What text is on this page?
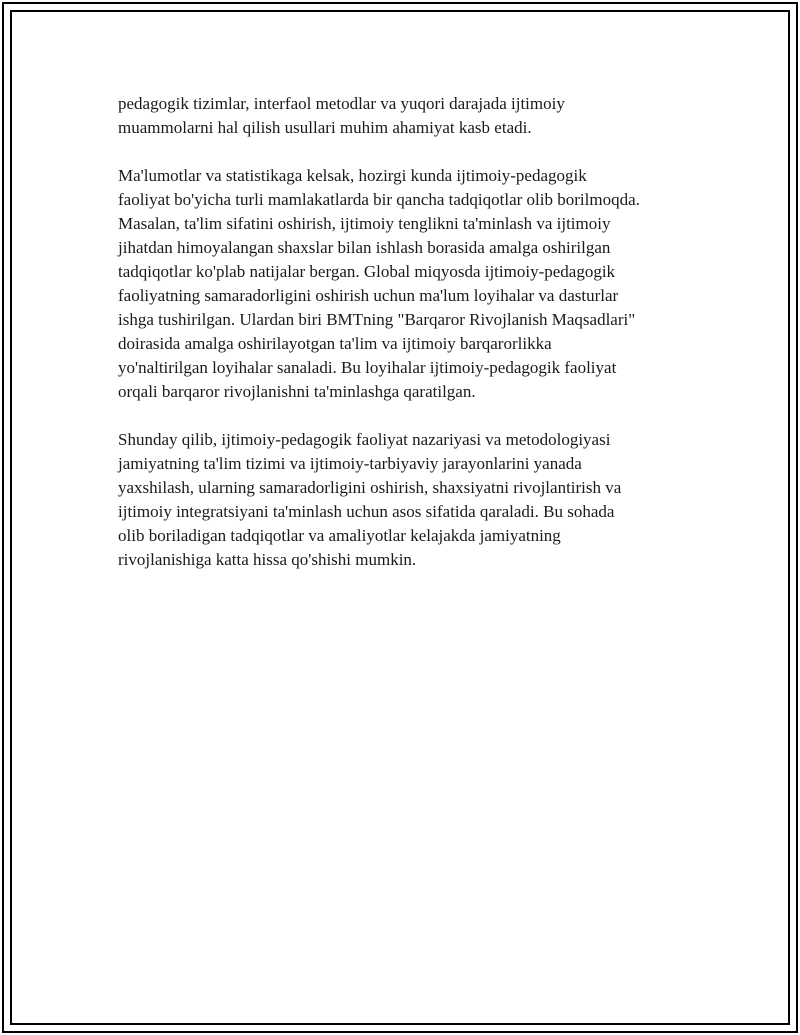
pedagogik tizimlar, interfaol metodlar va yuqori darajada ijtimoiy
muammolarni hal qilish usullari muhim ahamiyat kasb etadi.

Ma'lumotlar va statistikaga kelsak, hozirgi kunda ijtimoiy-pedagogik
faoliyat bo'yicha turli mamlakatlarda bir qancha tadqiqotlar olib borilmoqda.
Masalan, ta'lim sifatini oshirish, ijtimoiy tenglikni ta'minlash va ijtimoiy
jihatdan himoyalangan shaxslar bilan ishlash borasida amalga oshirilgan
tadqiqotlar ko'plab natijalar bergan. Global miqyosda ijtimoiy-pedagogik
faoliyatning samaradorligini oshirish uchun ma'lum loyihalar va dasturlar
ishga tushirilgan. Ulardan biri BMTning "Barqaror Rivojlanish Maqsadlari"
doirasida amalga oshirilayotgan ta'lim va ijtimoiy barqarorlikka
yo'naltirilgan loyihalar sanaladi. Bu loyihalar ijtimoiy-pedagogik faoliyat
orqali barqaror rivojlanishni ta'minlashga qaratilgan.

Shunday qilib, ijtimoiy-pedagogik faoliyat nazariyasi va metodologiyasi
jamiyatning ta'lim tizimi va ijtimoiy-tarbiyaviy jarayonlarini yanada
yaxshilash, ularning samaradorligini oshirish, shaxsiyatni rivojlantirish va
ijtimoiy integratsiyani ta'minlash uchun asos sifatida qaraladi. Bu sohada
olib boriladigan tadqiqotlar va amaliyotlar kelajakda jamiyatning
rivojlanishiga katta hissa qo'shishi mumkin.
